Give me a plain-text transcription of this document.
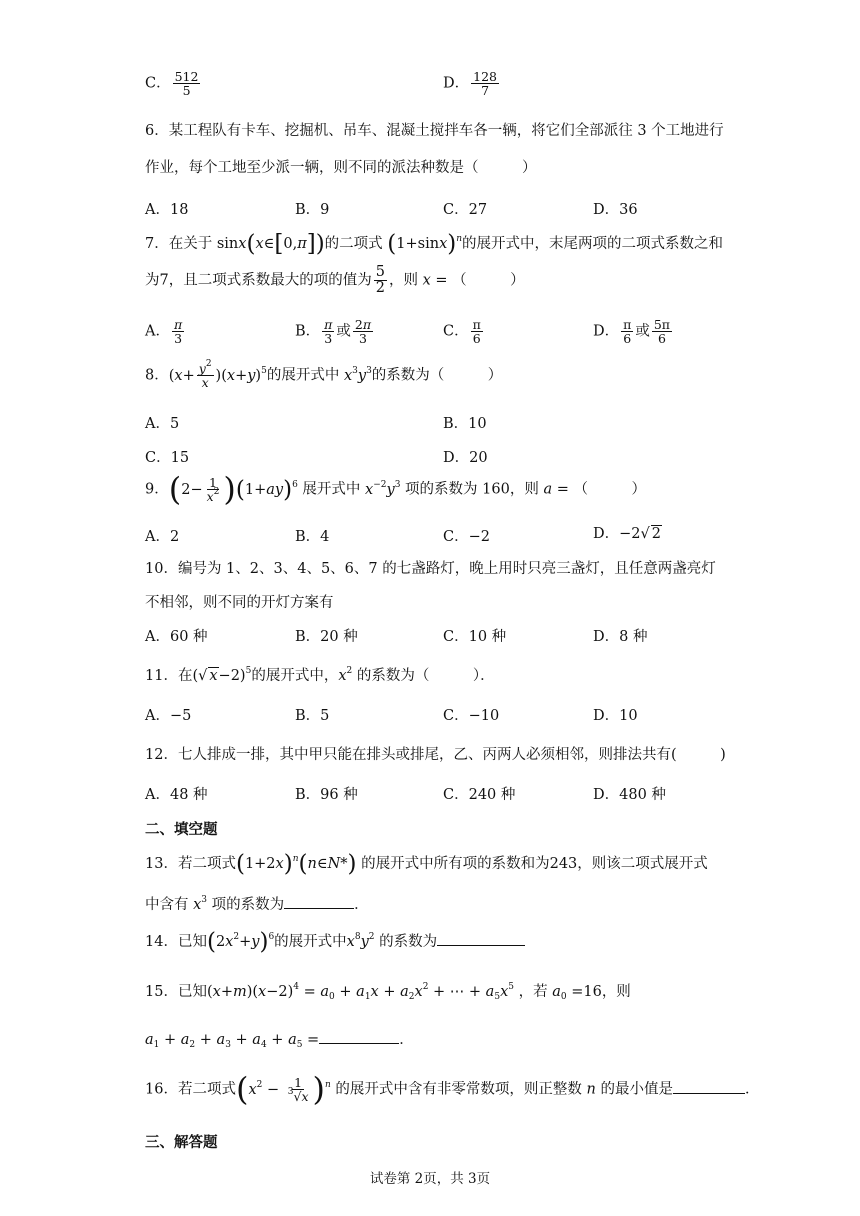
C． $\frac{512}{5}$	D． $\frac{128}{7}$
6．某工程队有卡车、挖掘机、吊车、混凝土搅拌车各一辆，将它们全部派往 3 个工地进行
作业，每个工地至少派一辆，则不同的派法种数是（　　　）
A．18	B．9	C．27	D．36
7．在关于 sinx(x∈[0,π])的二项式 $(1+\sin x)^n$的展开式中，末尾两项的二项式系数之和
为7，且二项式系数最大的项的值为 $\frac{5}{2}$ ，则 x = （　　　）
A． $\frac{\pi}{3}$	B． $\frac{\pi}{3}$ 或 $\frac{2\pi}{3}$	C． $\frac{\pi}{6}$	D． $\frac{\pi}{6}$ 或 $\frac{5\pi}{6}$
8．$(x+ \frac{y^2}{x} )(x+y)^5$的展开式中 $x^3y^3$的系数为（　　　）
A．5	B．10
C．15	D．20
9．$(2- \frac{1}{x^2} )(1+ay)^6$ 展开式中 $x^{-2}y^3$ 项的系数为 160，则 a = （　　　）
A．2	B．4	C．−2	D．−2√ 2
10．编号为 1、2、3、4、5、6、7 的七盏路灯，晚上用时只亮三盏灯，且任意两盏亮灯
不相邻，则不同的开灯方案有
A．60 种	B．20 种	C．10 种	D．8 种
11．在(√ x−2)$^5$的展开式中，$x^2$ 的系数为（　　　）．
A．−5	B．5	C．−10	D．10
12．七人排成一排，其中甲只能在排头或排尾，乙、丙两人必须相邻，则排法共有(　　　)
A．48 种	B．96 种	C．240 种	D．480 种
二、填空题
13．若二项式$(1+2x)^n(n\in N*)$ 的展开式中所有项的系数和为243，则该二项式展开式
中含有 $x^3$ 项的系数为	．
14．已知$(2x^2+y)^6$的展开式中$x^8y^2$ 的系数为
15．已知$(x+m)(x-2)^4 = a_0 + a_1x + a_2x^2$ + ⋯ + $a_5x^5$ ，若 $a_0 =16$，则
$a_1 + a_2 + a_3 + a_4 + a_5$ =	．
16．若二项式$(x^2 - \frac{1}{^3√x} )^n$ 的展开式中含有非零常数项，则正整数 n 的最小值是	．
三、解答题
试卷第 2页，共 3页
